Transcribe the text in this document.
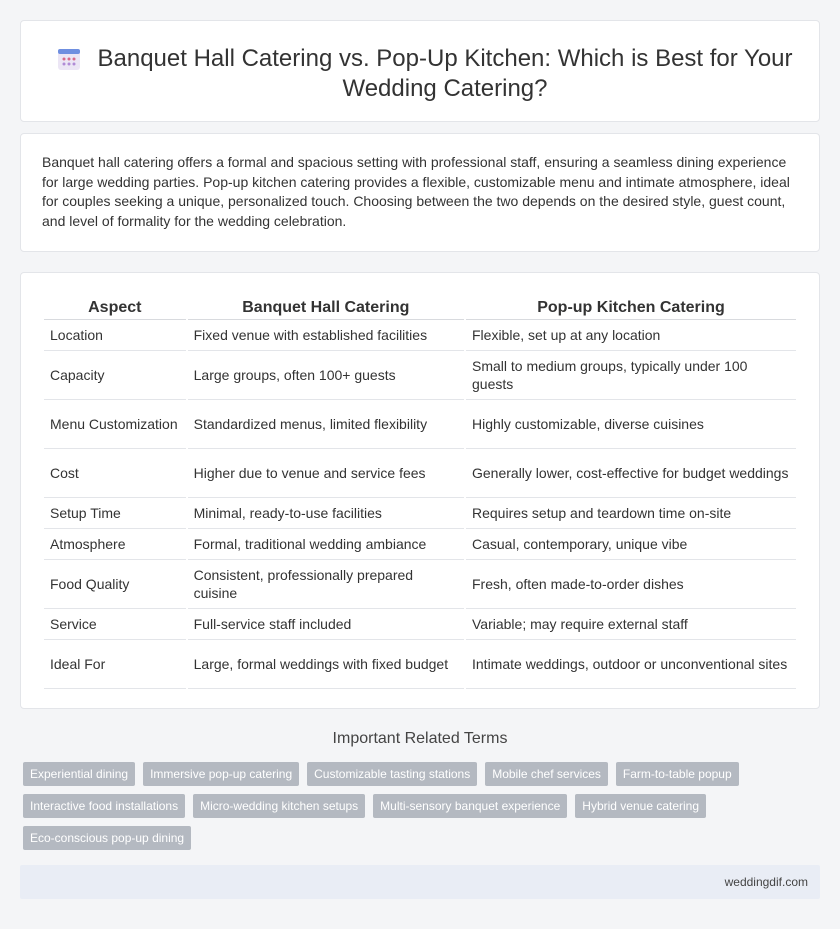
Banquet Hall Catering vs. Pop-Up Kitchen: Which is Best for Your Wedding Catering?

Banquet hall catering offers a formal and spacious setting with professional staff, ensuring a seamless dining experience for large wedding parties. Pop-up kitchen catering provides a flexible, customizable menu and intimate atmosphere, ideal for couples seeking a unique, personalized touch. Choosing between the two depends on the desired style, guest count, and level of formality for the wedding celebration.

Aspect	Banquet Hall Catering	Pop-up Kitchen Catering
Location	Fixed venue with established facilities	Flexible, set up at any location
Capacity	Large groups, often 100+ guests	Small to medium groups, typically under 100 guests
Menu Customization	Standardized menus, limited flexibility	Highly customizable, diverse cuisines
Cost	Higher due to venue and service fees	Generally lower, cost-effective for budget weddings
Setup Time	Minimal, ready-to-use facilities	Requires setup and teardown time on-site
Atmosphere	Formal, traditional wedding ambiance	Casual, contemporary, unique vibe
Food Quality	Consistent, professionally prepared cuisine	Fresh, often made-to-order dishes
Service	Full-service staff included	Variable; may require external staff
Ideal For	Large, formal weddings with fixed budget	Intimate weddings, outdoor or unconventional sites
Important Related Terms
Experiential dining	Immersive pop-up catering	Customizable tasting stations	Mobile chef services	Farm-to-table popup
Interactive food installations	Micro-wedding kitchen setups	Multi-sensory banquet experience	Hybrid venue catering
Eco-conscious pop-up dining
weddingdif.com
